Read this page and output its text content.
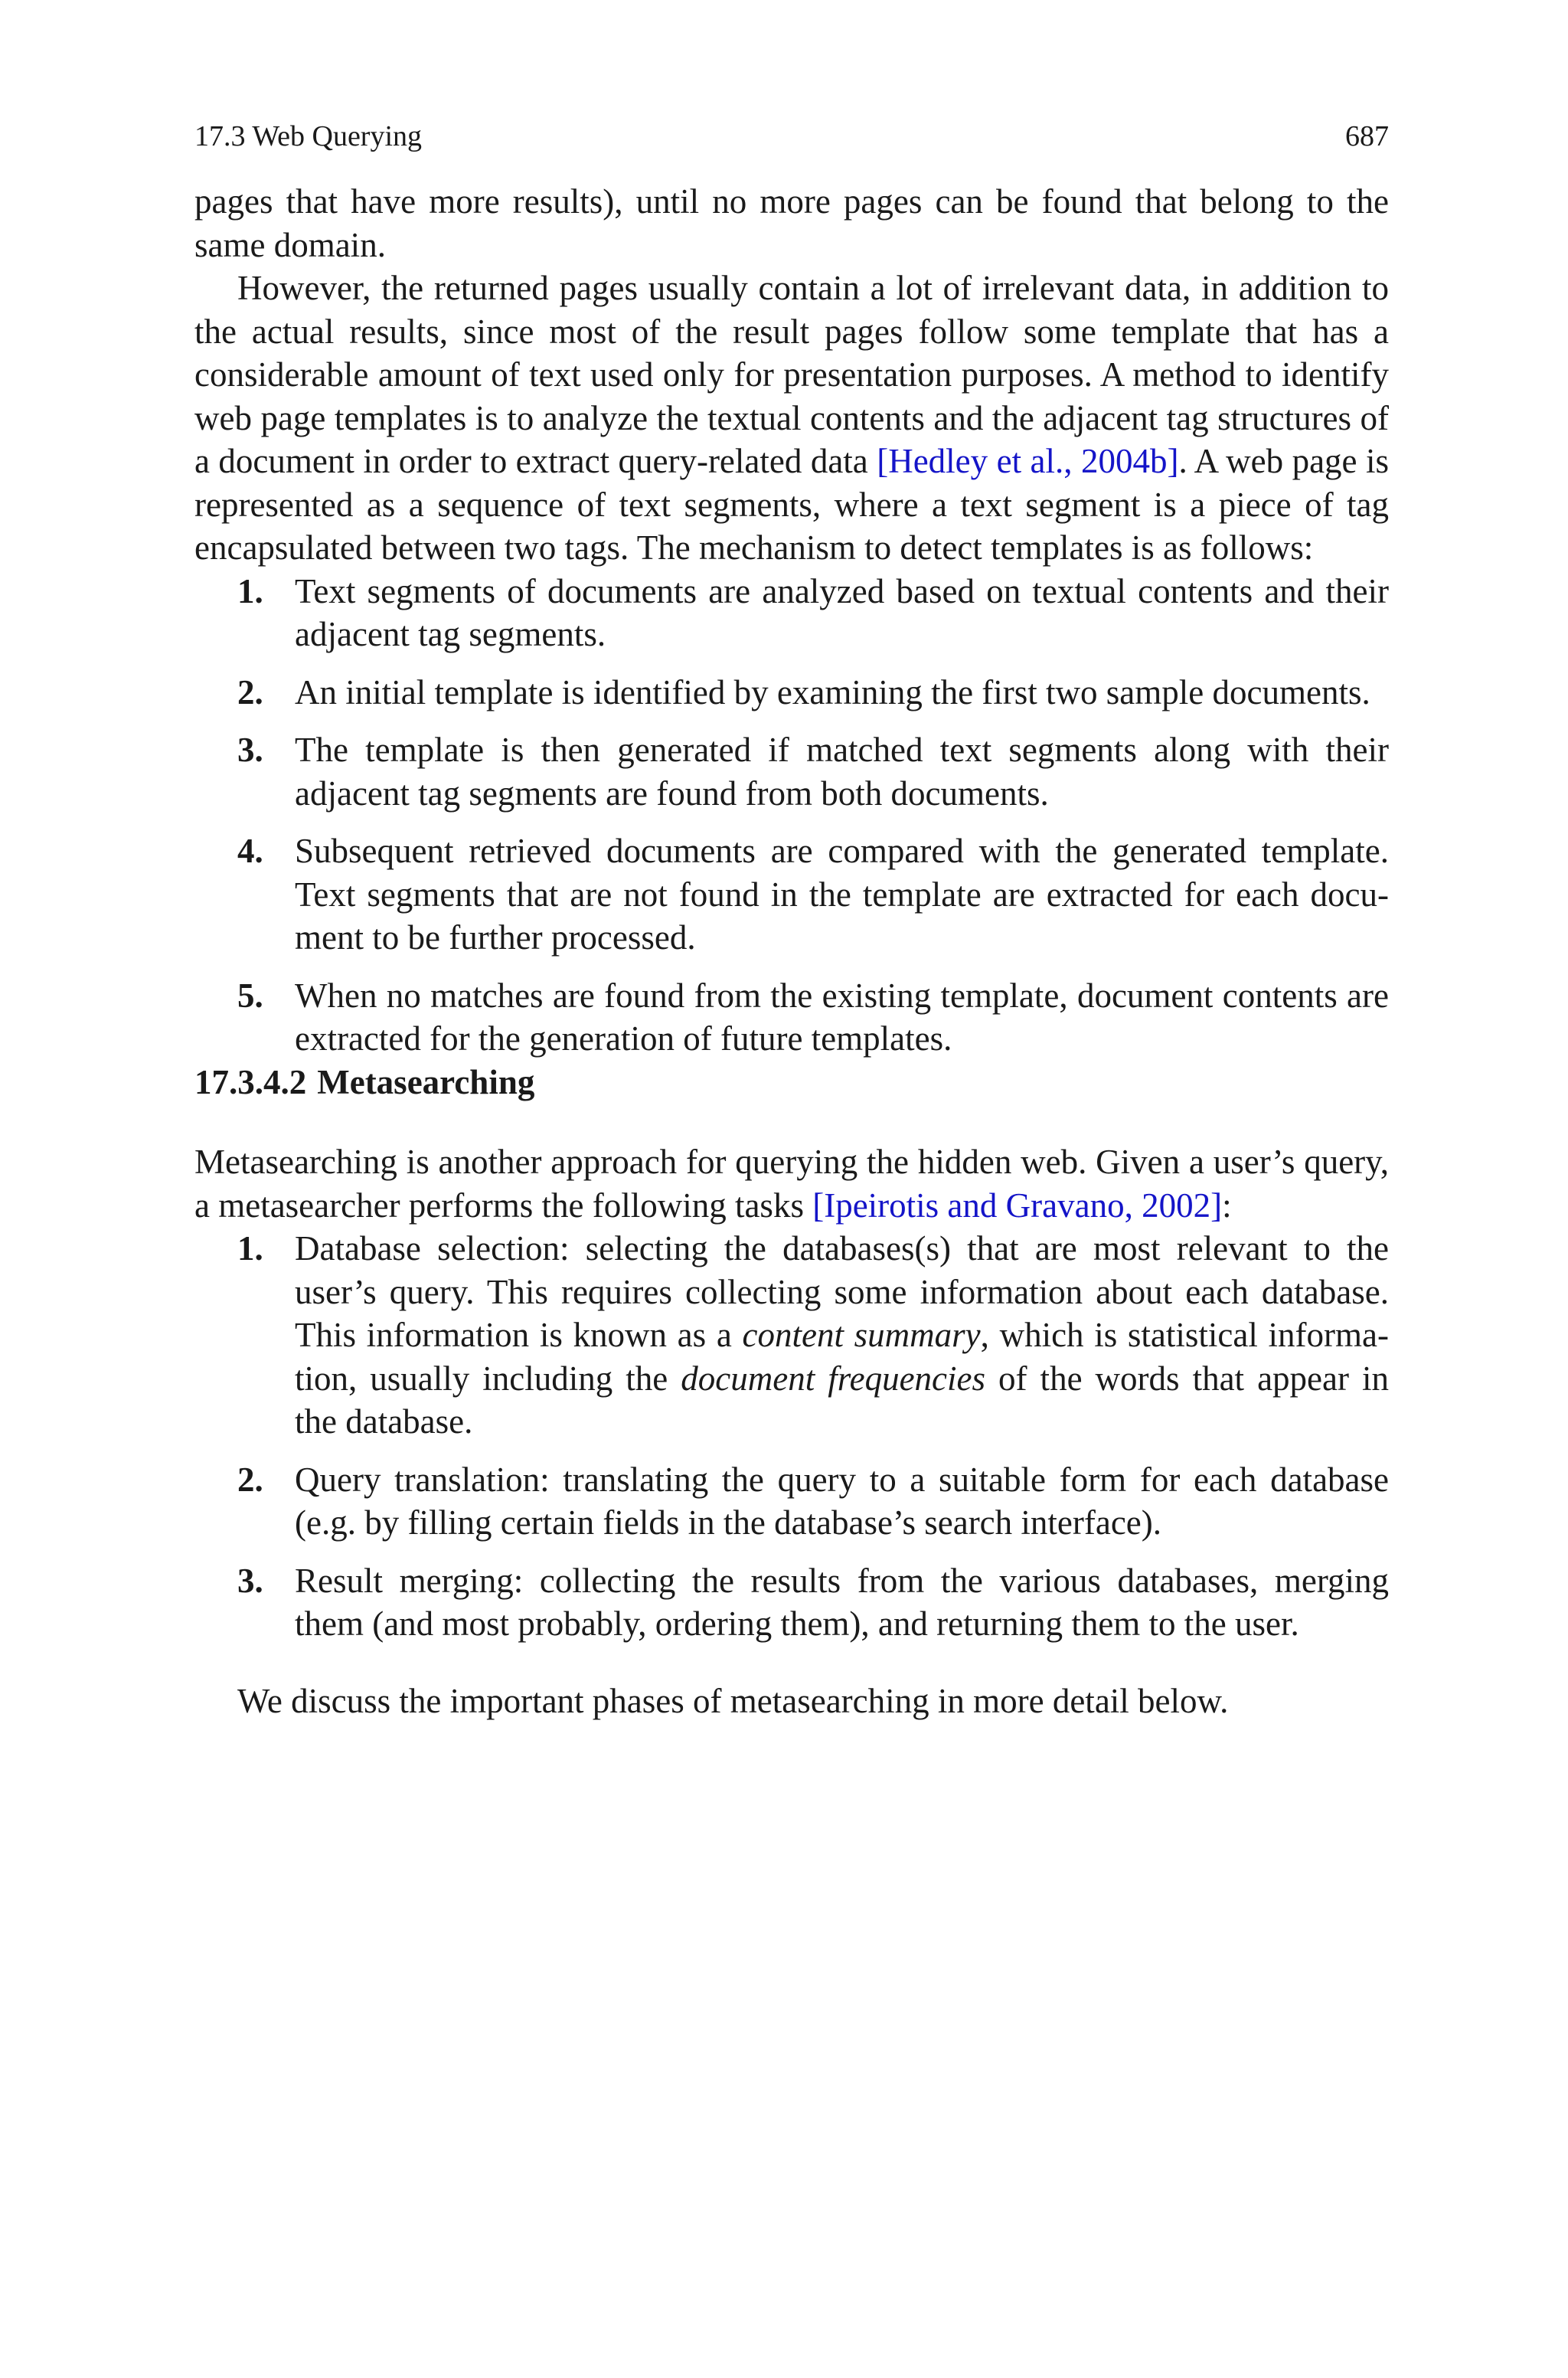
17.3 Web Querying	687

pages that have more results), until no more pages can be found that belong to the same domain.

However, the returned pages usually contain a lot of irrelevant data, in addition to the actual results, since most of the result pages follow some template that has a considerable amount of text used only for presentation purposes. A method to identify web page templates is to analyze the textual contents and the adjacent tag structures of a document in order to extract query-related data [Hedley et al., 2004b]. A web page is represented as a sequence of text segments, where a text segment is a piece of tag encapsulated between two tags. The mechanism to detect templates is as follows:

1. Text segments of documents are analyzed based on textual contents and their adjacent tag segments.
2. An initial template is identified by examining the first two sample documents.
3. The template is then generated if matched text segments along with their adjacent tag segments are found from both documents.
4. Subsequent retrieved documents are compared with the generated template. Text segments that are not found in the template are extracted for each docu- ment to be further processed.
5. When no matches are found from the existing template, document contents are extracted for the generation of future templates.
17.3.4.2 Metasearching

Metasearching is another approach for querying the hidden web. Given a user’s query, a metasearcher performs the following tasks [Ipeirotis and Gravano, 2002]:

1. Database selection: selecting the databases(s) that are most relevant to the user’s query. This requires collecting some information about each database. This information is known as a content summary, which is statistical informa- tion, usually including the document frequencies of the words that appear in the database.
2. Query translation: translating the query to a suitable form for each database (e.g. by filling certain fields in the database’s search interface).
3. Result merging: collecting the results from the various databases, merging them (and most probably, ordering them), and returning them to the user.

We discuss the important phases of metasearching in more detail below.
